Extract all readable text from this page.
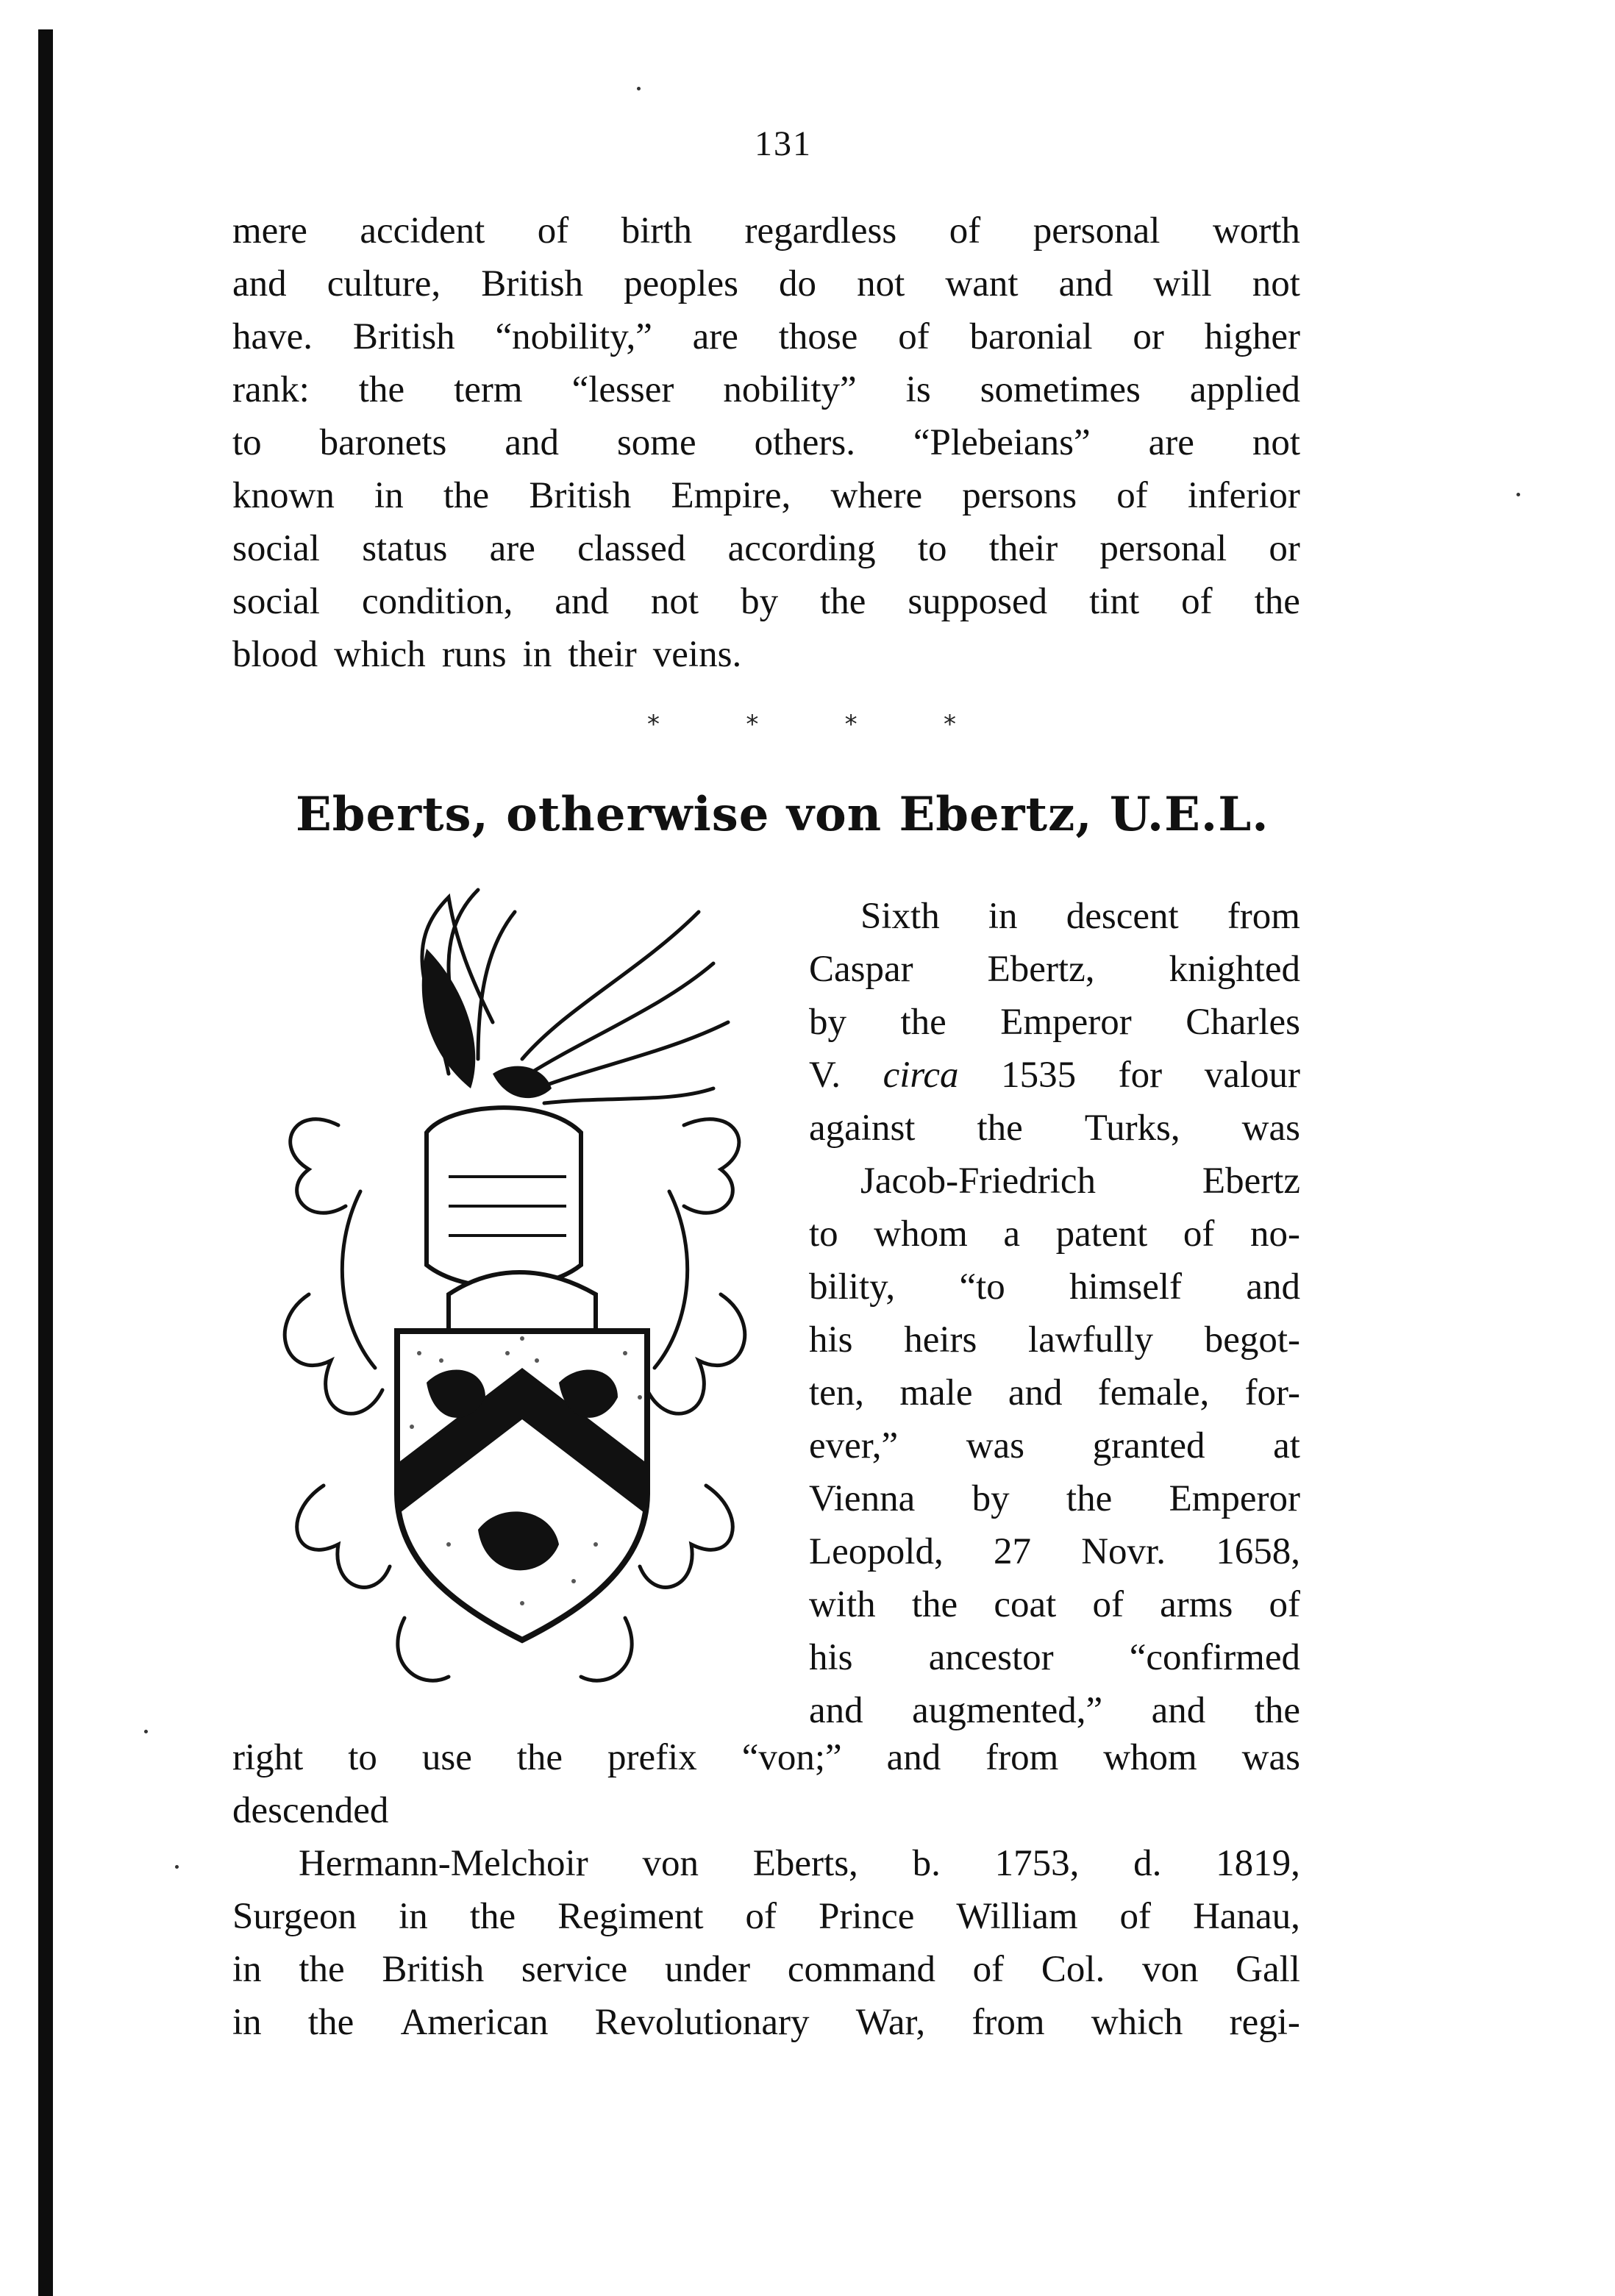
131
mere accident of birth regardless of personal worth
and culture, British peoples do not want and will not
have. British “nobility,” are those of baronial or higher
rank: the term “lesser nobility” is sometimes applied
to baronets and some others. “Plebeians” are not
known in the British Empire, where persons of inferior
social status are classed according to their personal or
social condition, and not by the supposed tint of the
blood which runs in their veins.
*	*	*	*
Eberts, otherwise von Ebertz, U.E.L.
Sixth in descent from
Caspar Ebertz, knighted
by the Emperor Charles
V. circa 1535 for valour
against the Turks, was
Jacob-Friedrich	Ebertz
to whom a patent of no-
bility, “to himself and
his heirs lawfully begot-
ten, male and female, for-
ever,” was granted at
Vienna by the Emperor
Leopold, 27 Novr. 1658,
with the coat of arms of
his ancestor “confirmed
and augmented,” and the
right to use the prefix “von;” and from whom was
descended
Hermann-Melchoir von Eberts, b. 1753, d. 1819,
Surgeon in the Regiment of Prince William of Hanau,
in the British service under command of Col. von Gall
in the American Revolutionary War, from which regi-
